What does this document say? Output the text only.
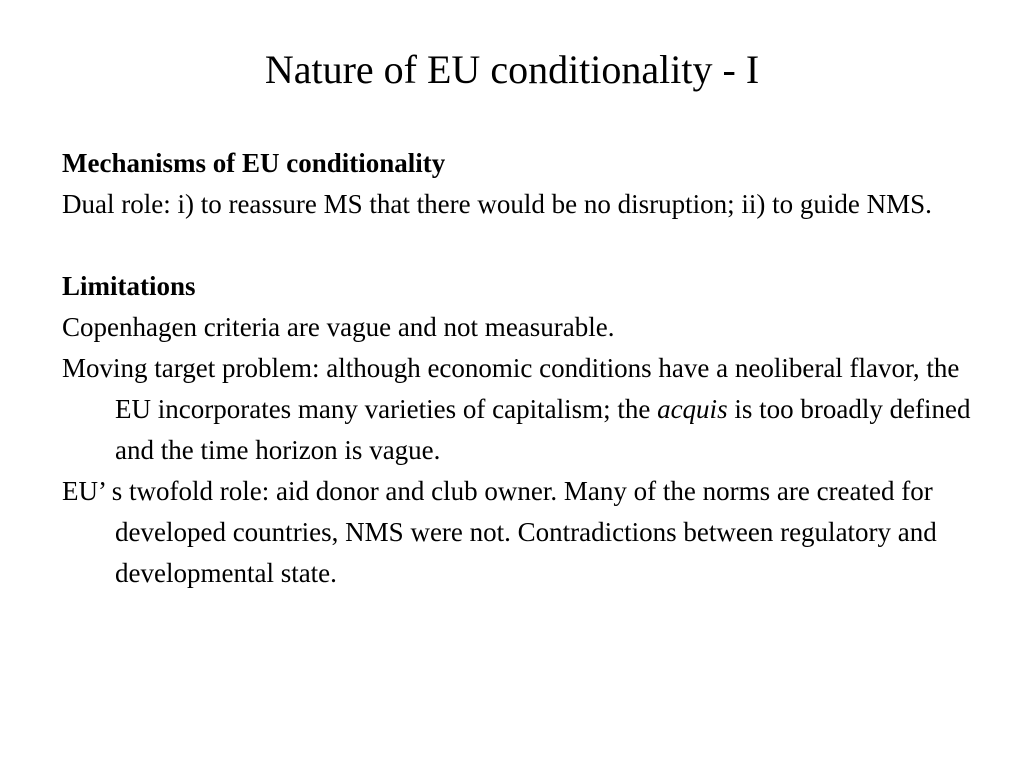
Nature of EU conditionality - I

Mechanisms of EU conditionality

Dual role: i) to reassure MS that there would be no disruption; ii) to guide NMS.

Limitations

Copenhagen criteria are vague and not measurable.

Moving target problem: although economic conditions have a neoliberal flavor, the EU incorporates many varieties of capitalism; the acquis is too broadly defined and the time horizon is vague.

EU’ s twofold role: aid donor and club owner. Many of the norms are created for developed countries, NMS were not. Contradictions between regulatory and developmental state.
